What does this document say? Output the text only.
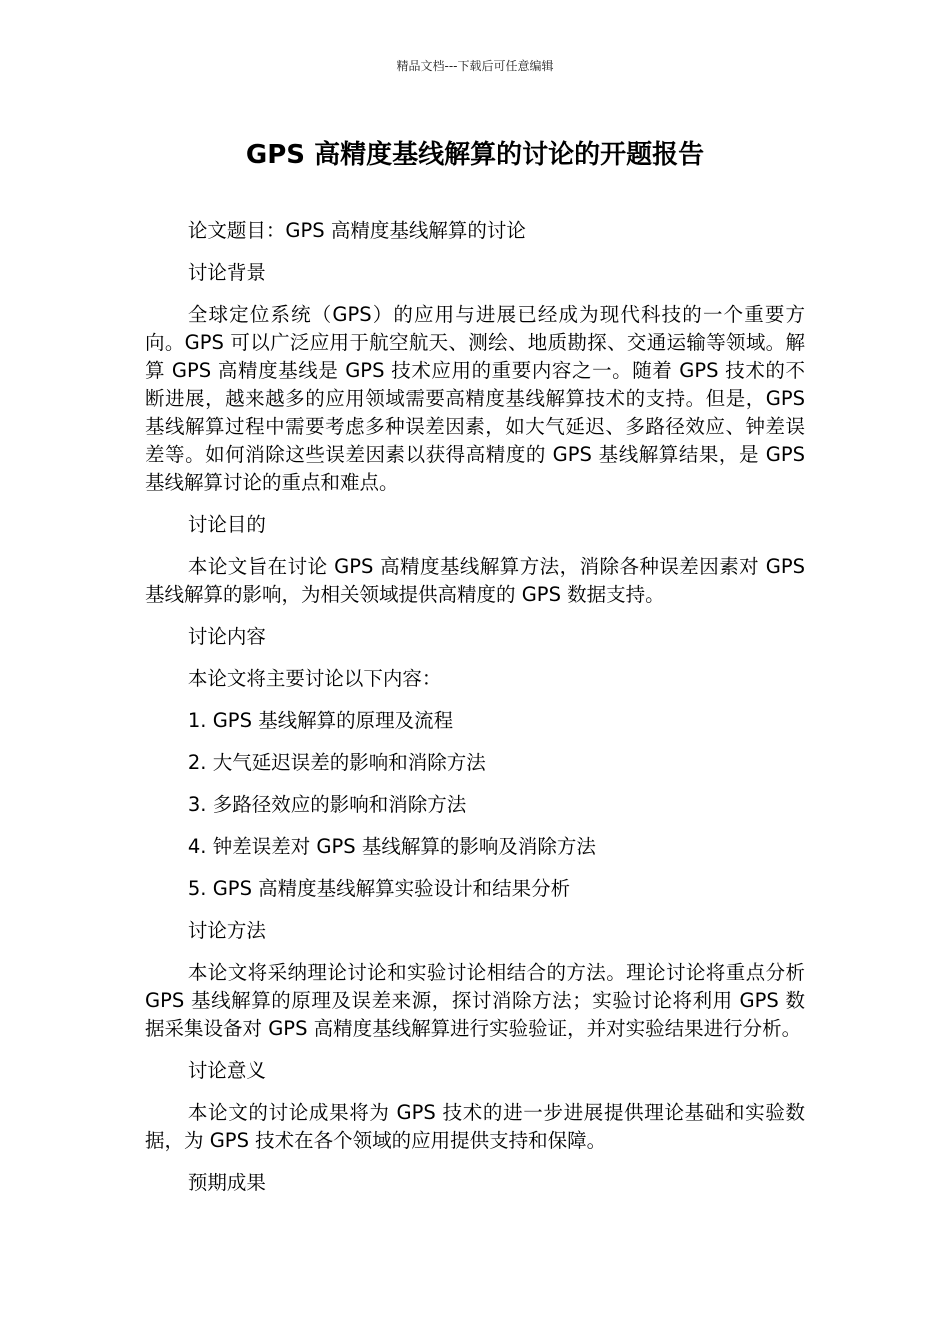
精品文档---下载后可任意编辑
GPS 高精度基线解算的讨论的开题报告
论文题目：GPS 高精度基线解算的讨论
讨论背景
全球定位系统（GPS）的应用与进展已经成为现代科技的一个重要方向。GPS 可以广泛应用于航空航天、测绘、地质勘探、交通运输等领域。解算 GPS 高精度基线是 GPS 技术应用的重要内容之一。随着 GPS 技术的不断进展，越来越多的应用领域需要高精度基线解算技术的支持。但是，GPS 基线解算过程中需要考虑多种误差因素，如大气延迟、多路径效应、钟差误差等。如何消除这些误差因素以获得高精度的 GPS 基线解算结果，是 GPS 基线解算讨论的重点和难点。
讨论目的
本论文旨在讨论 GPS 高精度基线解算方法，消除各种误差因素对 GPS 基线解算的影响，为相关领域提供高精度的 GPS 数据支持。
讨论内容
本论文将主要讨论以下内容：
1. GPS 基线解算的原理及流程
2. 大气延迟误差的影响和消除方法
3. 多路径效应的影响和消除方法
4. 钟差误差对 GPS 基线解算的影响及消除方法
5. GPS 高精度基线解算实验设计和结果分析
讨论方法
本论文将采纳理论讨论和实验讨论相结合的方法。理论讨论将重点分析 GPS 基线解算的原理及误差来源，探讨消除方法；实验讨论将利用 GPS 数据采集设备对 GPS 高精度基线解算进行实验验证，并对实验结果进行分析。
讨论意义
本论文的讨论成果将为 GPS 技术的进一步进展提供理论基础和实验数据，为 GPS 技术在各个领域的应用提供支持和保障。
预期成果
